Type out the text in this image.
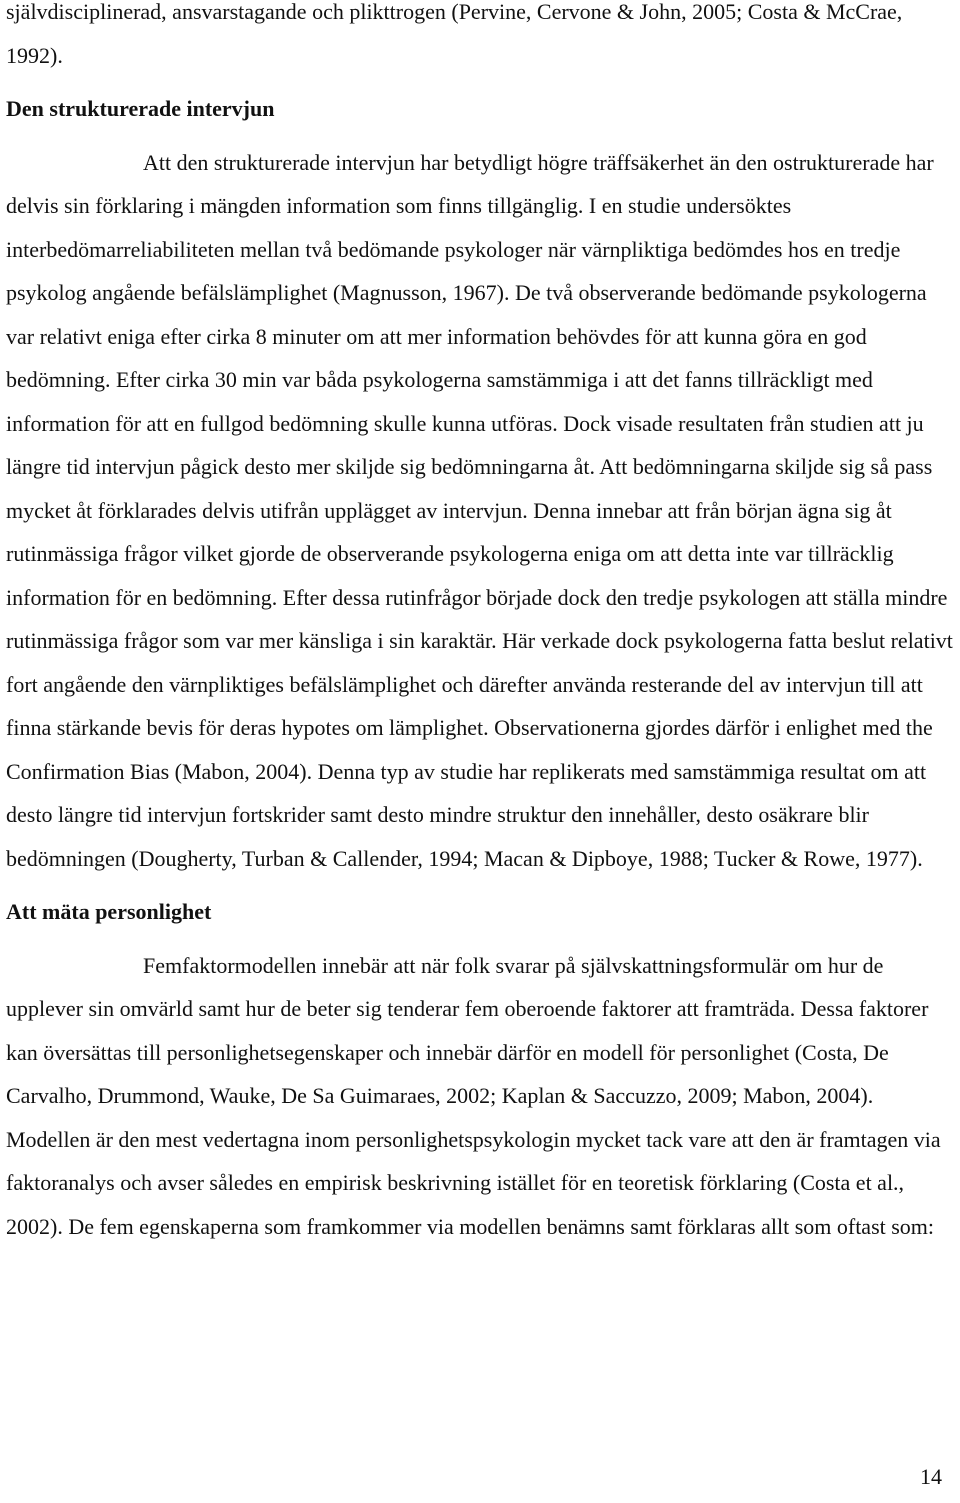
självdisciplinerad, ansvarstagande och plikttrogen (Pervine, Cervone & John, 2005; Costa & McCrae, 1992).

Den strukturerade intervjun

Att den strukturerade intervjun har betydligt högre träffsäkerhet än den ostrukturerade har delvis sin förklaring i mängden information som finns tillgänglig. I en studie undersöktes interbedömarreliabiliteten mellan två bedömande psykologer när värnpliktiga bedömdes hos en tredje psykolog angående befälslämplighet (Magnusson, 1967). De två observerande bedömande psykologerna var relativt eniga efter cirka 8 minuter om att mer information behövdes för att kunna göra en god bedömning. Efter cirka 30 min var båda psykologerna samstämmiga i att det fanns tillräckligt med information för att en fullgod bedömning skulle kunna utföras. Dock visade resultaten från studien att ju längre tid intervjun pågick desto mer skiljde sig bedömningarna åt. Att bedömningarna skiljde sig så pass mycket åt förklarades delvis utifrån upplägget av intervjun. Denna innebar att från början ägna sig åt rutinmässiga frågor vilket gjorde de observerande psykologerna eniga om att detta inte var tillräcklig information för en bedömning. Efter dessa rutinfrågor började dock den tredje psykologen att ställa mindre rutinmässiga frågor som var mer känsliga i sin karaktär. Här verkade dock psykologerna fatta beslut relativt fort angående den värnpliktiges befälslämplighet och därefter använda resterande del av intervjun till att finna stärkande bevis för deras hypotes om lämplighet. Observationerna gjordes därför i enlighet med the Confirmation Bias (Mabon, 2004). Denna typ av studie har replikerats med samstämmiga resultat om att desto längre tid intervjun fortskrider samt desto mindre struktur den innehåller, desto osäkrare blir bedömningen (Dougherty, Turban & Callender, 1994; Macan & Dipboye, 1988; Tucker & Rowe, 1977).

Att mäta personlighet

Femfaktormodellen innebär att när folk svarar på självskattningsformulär om hur de upplever sin omvärld samt hur de beter sig tenderar fem oberoende faktorer att framträda. Dessa faktorer kan översättas till personlighetsegenskaper och innebär därför en modell för personlighet (Costa, De Carvalho, Drummond, Wauke, De Sa Guimaraes, 2002; Kaplan & Saccuzzo, 2009; Mabon, 2004). Modellen är den mest vedertagna inom personlighetspsykologin mycket tack vare att den är framtagen via faktoranalys och avser således en empirisk beskrivning istället för en teoretisk förklaring (Costa et al., 2002). De fem egenskaperna som framkommer via modellen benämns samt förklaras allt som oftast som:

14
